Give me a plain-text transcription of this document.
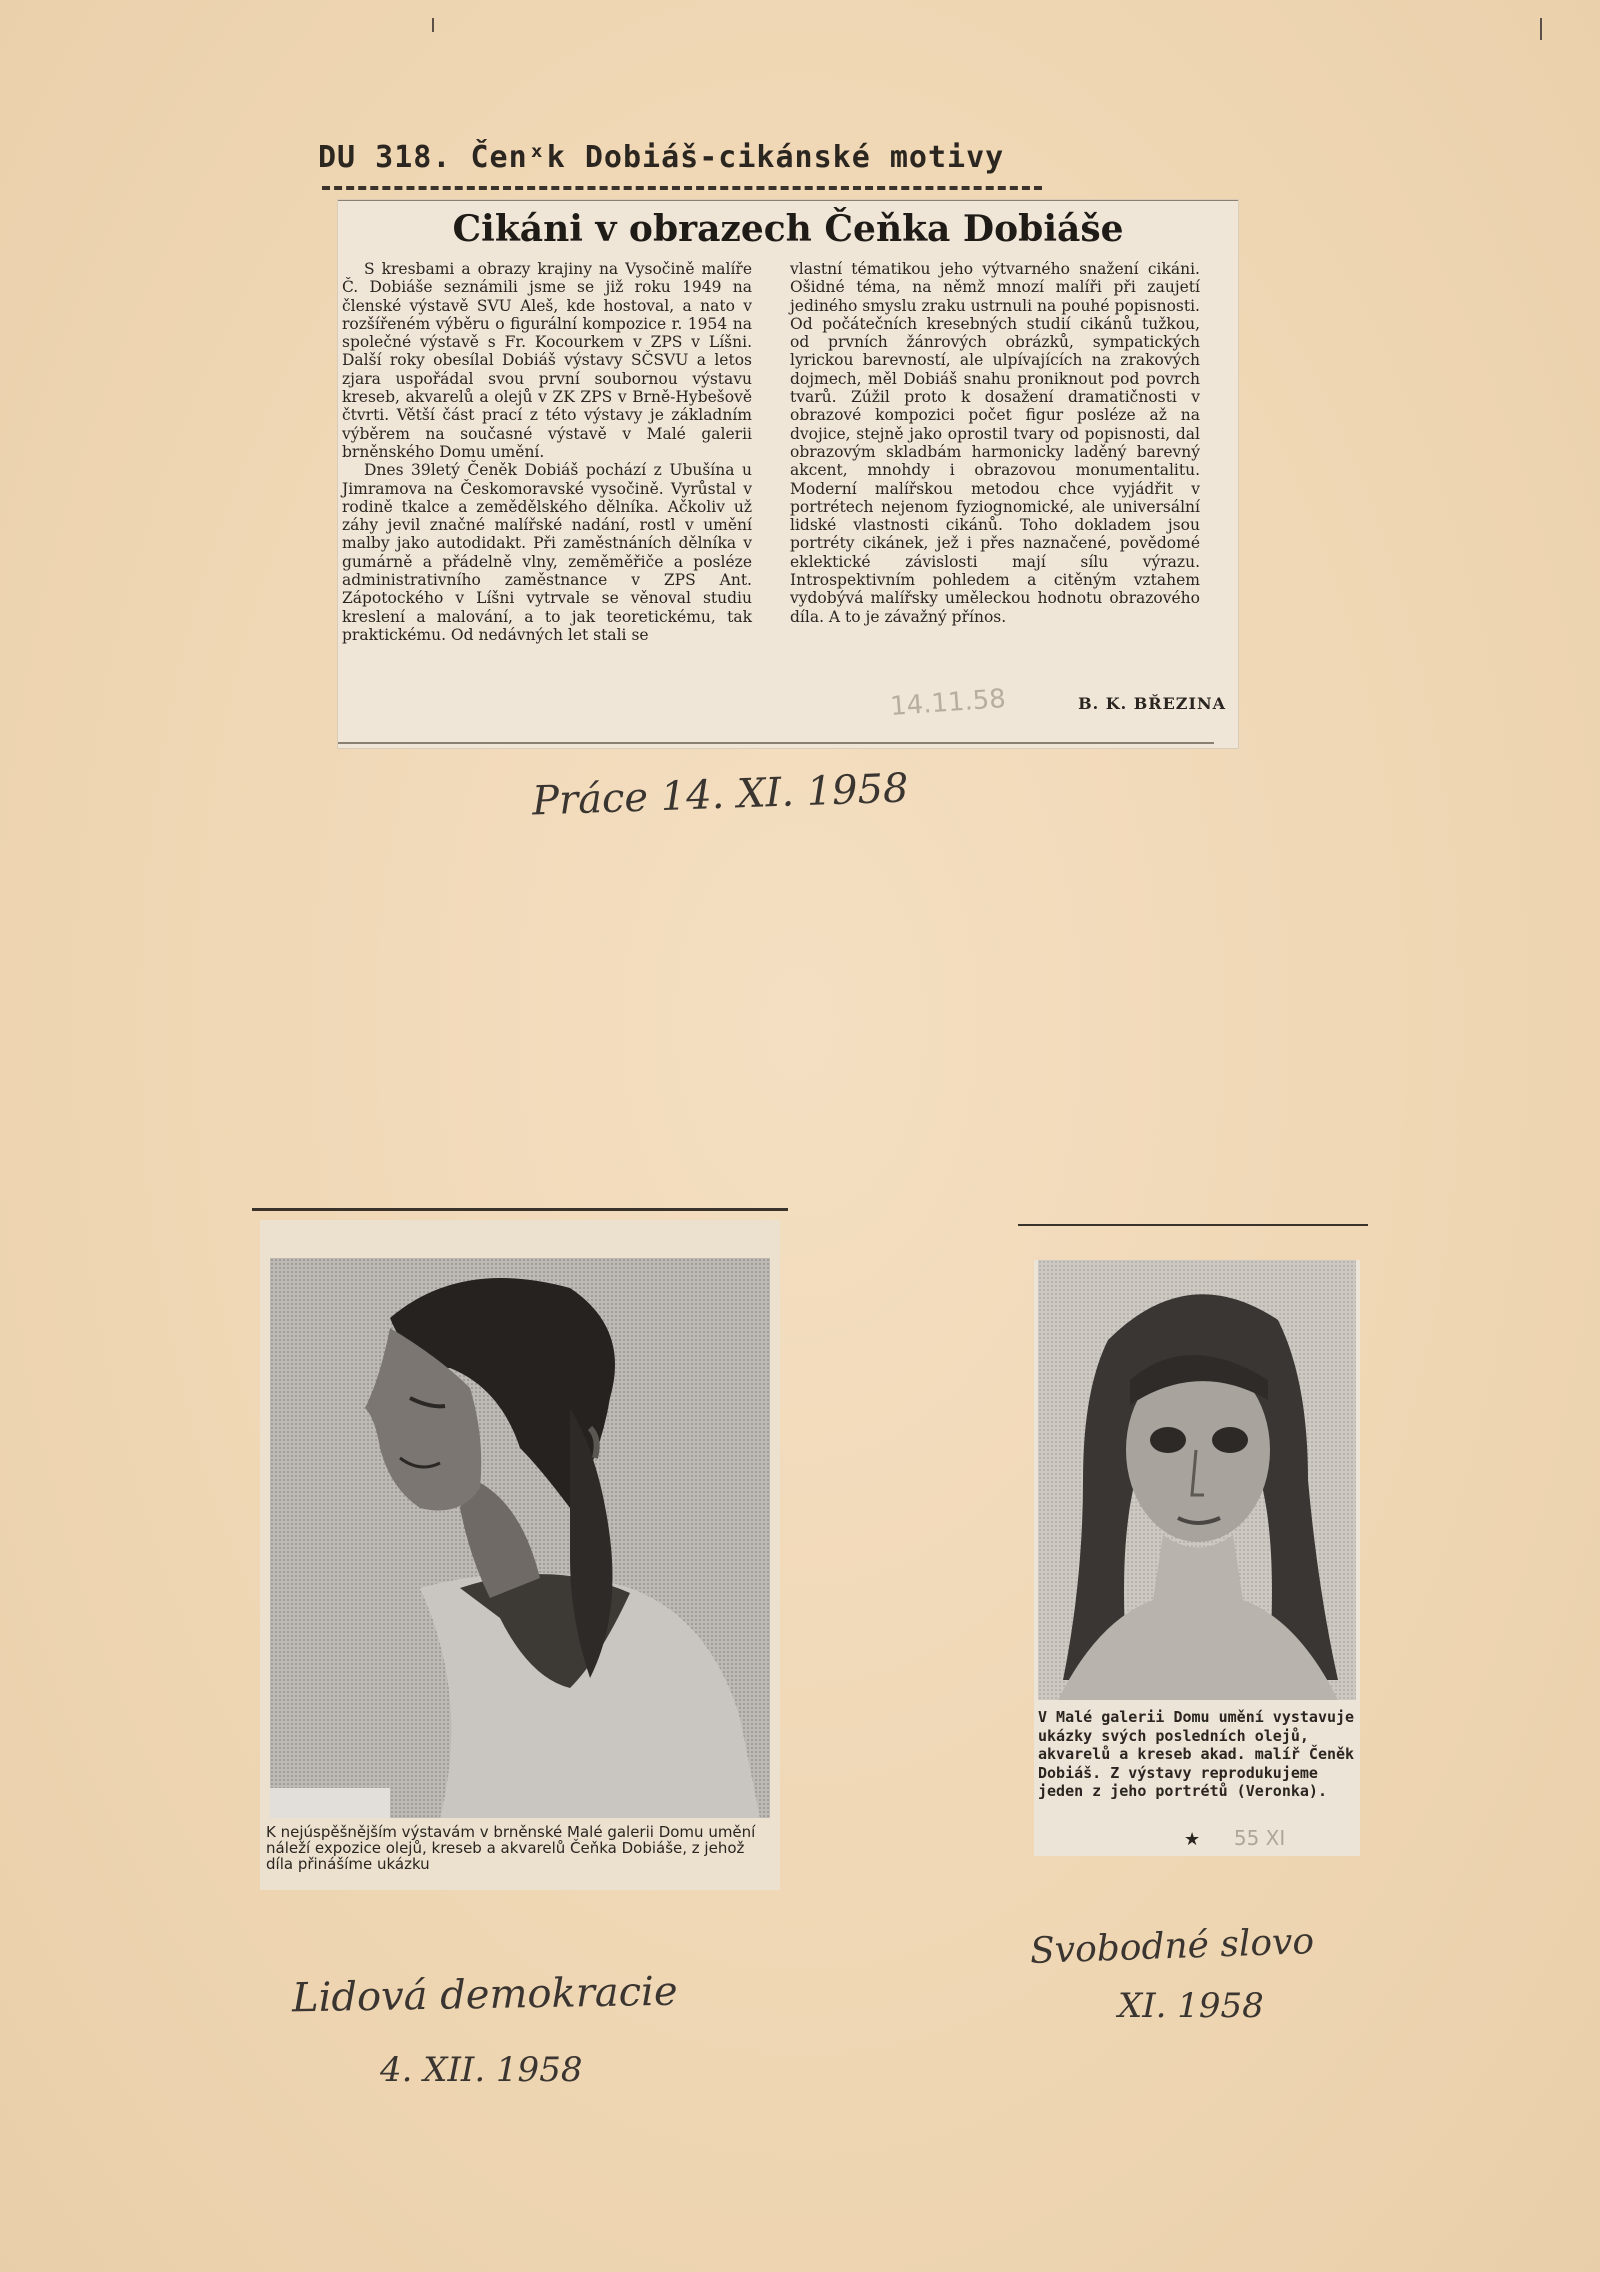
DU 318. Čenˣk Dobiáš-cikánské motivy
Cikáni v obrazech Čeňka Dobiáše

S kresbami a obrazy krajiny na Vysočině malíře Č. Dobiáše seznámili jsme se již roku 1949 na členské výstavě SVU Aleš, kde hostoval, a nato v rozšířeném výběru o figurální kompozice r. 1954 na společné výstavě s Fr. Kocourkem v ZPS v Líšni. Další roky obesílal Dobiáš výstavy SČSVU a letos zjara uspořádal svou první soubornou výstavu kreseb, akvarelů a olejů v ZK ZPS v Brně-Hybešově čtvrti. Větší část prací z této výstavy je základním výběrem na současné výstavě v Malé galerii brněnského Domu umění.

Dnes 39letý Čeněk Dobiáš pochází z Ubušína u Jimramova na Českomoravské vysočině. Vyrůstal v rodině tkalce a zemědělského dělníka. Ačkoliv už záhy jevil značné malířské nadání, rostl v umění malby jako autodidakt. Při zaměstnáních dělníka v gumárně a přádelně vlny, zeměměřiče a posléze administrativního zaměstnance v ZPS Ant. Zápotockého v Líšni vytrvale se věnoval studiu kreslení a malování, a to jak teoretickému, tak praktickému. Od nedávných let stali se

vlastní tématikou jeho výtvarného snažení cikáni. Ošidné téma, na němž mnozí malíři při zaujetí jediného smyslu zraku ustrnuli na pouhé popisnosti. Od počátečních kresebných studií cikánů tužkou, od prvních žánrových obrázků, sympatických lyrickou barevností, ale ulpívajících na zrakových dojmech, měl Dobiáš snahu proniknout pod povrch tvarů. Zúžil proto k dosažení dramatičnosti v obrazové kompozici počet figur posléze až na dvojice, stejně jako oprostil tvary od popisnosti, dal obrazovým skladbám harmonicky laděný barevný akcent, mnohdy i obrazovou monumentalitu. Moderní malířskou metodou chce vyjádřit v portrétech nejenom fyziognomické, ale universální lidské vlastnosti cikánů. Toho dokladem jsou portréty cikánek, jež i přes naznačené, povědomé eklektické závislosti mají sílu výrazu. Introspektivním pohledem a citěným vztahem vydobývá malířsky uměleckou hodnotu obrazového díla. A to je závažný přínos.

14.11.58	B. K. BŘEZINA
Práce 14. XI. 1958
K nejúspěšnějším výstavám v brněnské Malé galerii Domu umění náleží expozice olejů, kreseb a akvarelů Čeňka Dobiáše, z jehož díla přinášíme ukázku
Lidová demokracie
4. XII. 1958
V Malé galerii Domu umění vystavuje ukázky svých posledních olejů, akvarelů a kreseb akad. malíř Čeněk Dobiáš. Z výstavy reprodukujeme jeden z jeho portrétů (Veronka).
★ 55 XI
Svobodné slovo
XI. 1958
